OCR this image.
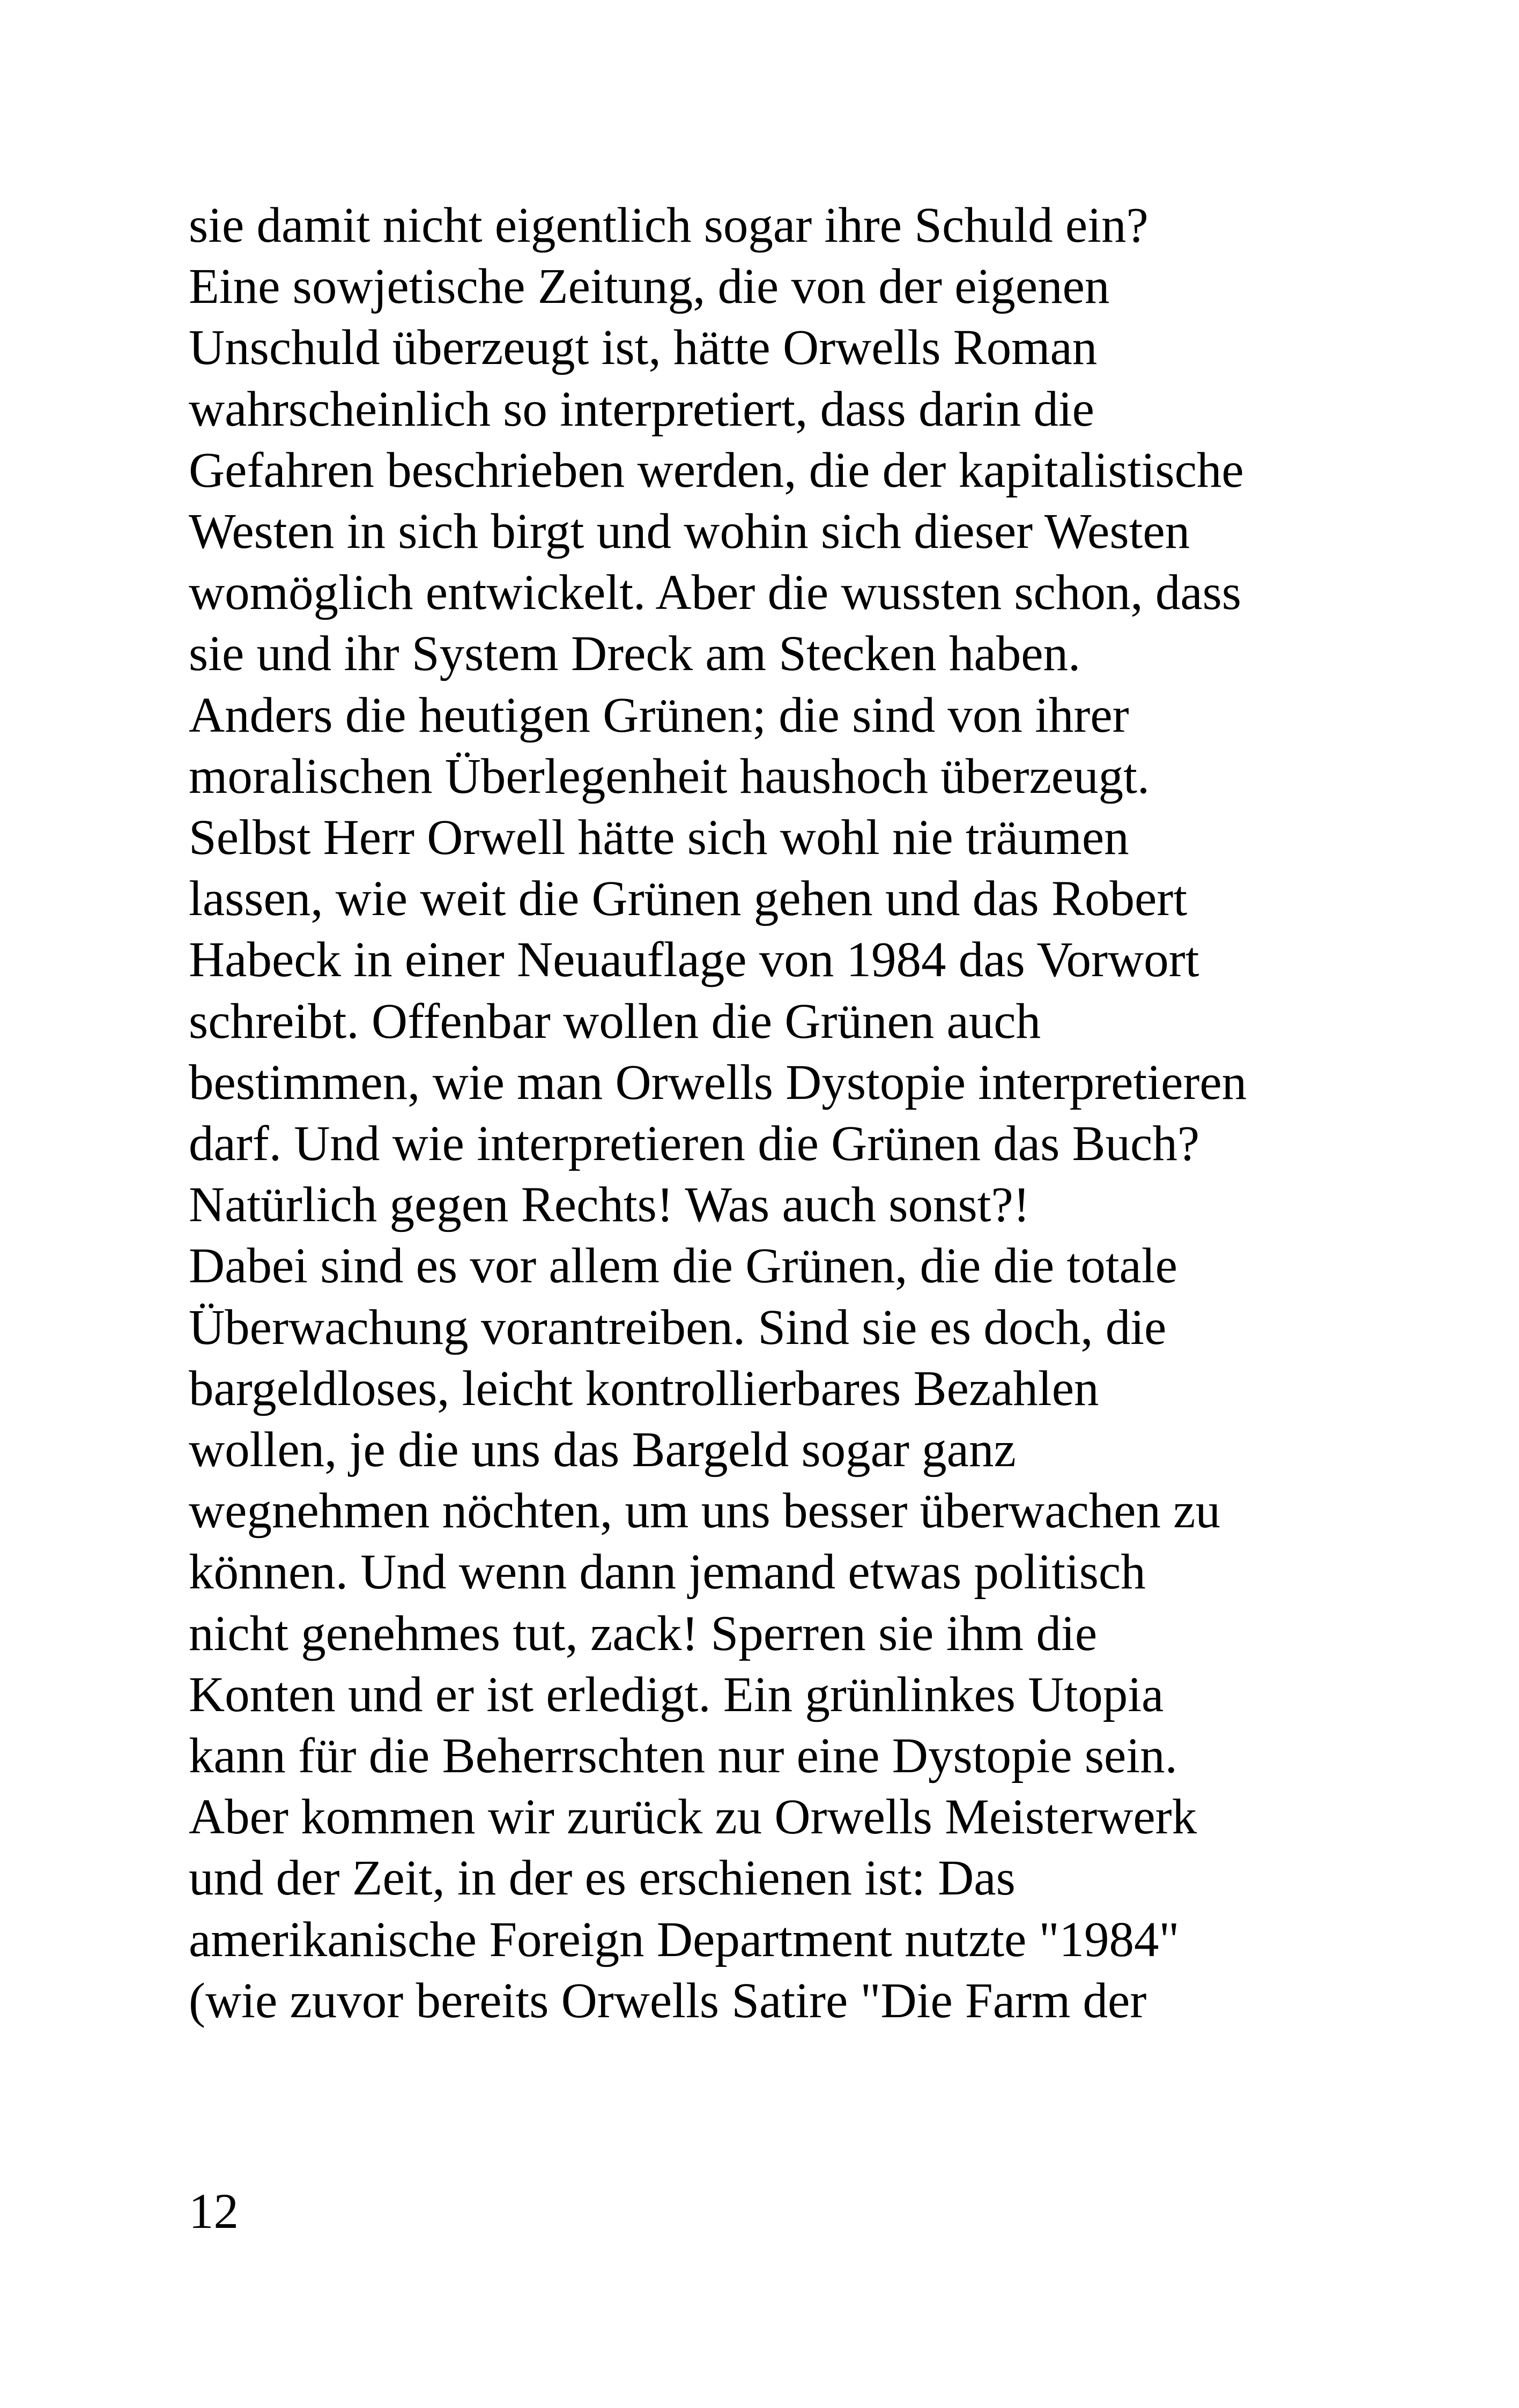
sie damit nicht eigentlich sogar ihre Schuld ein?
Eine sowjetische Zeitung, die von der eigenen
Unschuld überzeugt ist, hätte Orwells Roman
wahrscheinlich so interpretiert, dass darin die
Gefahren beschrieben werden, die der kapitalistische
Westen in sich birgt und wohin sich dieser Westen
womöglich entwickelt. Aber die wussten schon, dass
sie und ihr System Dreck am Stecken haben.
Anders die heutigen Grünen; die sind von ihrer
moralischen Überlegenheit haushoch überzeugt.
Selbst Herr Orwell hätte sich wohl nie träumen
lassen, wie weit die Grünen gehen und das Robert
Habeck in einer Neuauflage von 1984 das Vorwort
schreibt. Offenbar wollen die Grünen auch
bestimmen, wie man Orwells Dystopie interpretieren
darf. Und wie interpretieren die Grünen das Buch?
Natürlich gegen Rechts! Was auch sonst?!
Dabei sind es vor allem die Grünen, die die totale
Überwachung vorantreiben. Sind sie es doch, die
bargeldloses, leicht kontrollierbares Bezahlen
wollen, je die uns das Bargeld sogar ganz
wegnehmen nöchten, um uns besser überwachen zu
können. Und wenn dann jemand etwas politisch
nicht genehmes tut, zack! Sperren sie ihm die
Konten und er ist erledigt. Ein grünlinkes Utopia
kann für die Beherrschten nur eine Dystopie sein.
Aber kommen wir zurück zu Orwells Meisterwerk
und der Zeit, in der es erschienen ist: Das
amerikanische Foreign Department nutzte "1984"
(wie zuvor bereits Orwells Satire "Die Farm der
12
